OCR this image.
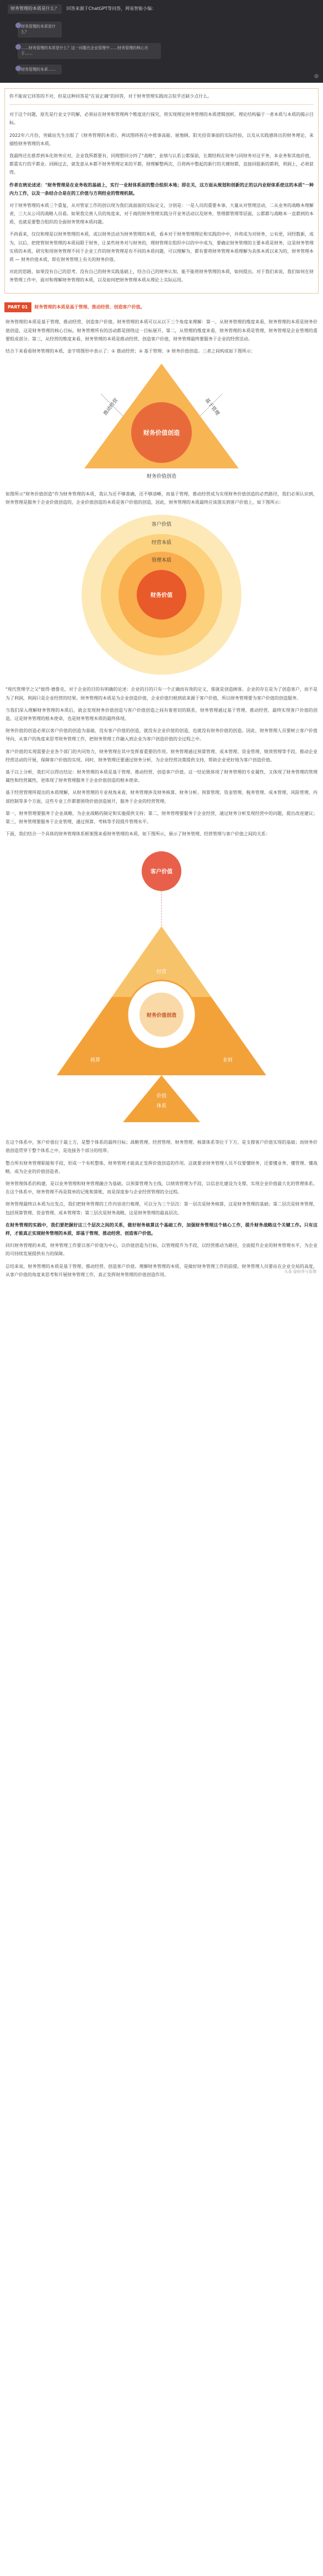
财务管理的本质是什么？ 回答来源于ChatGPT等问答，网易智能小编：
财务管理的本质是什么？
……财务管理的本质是什么？这一问题在企业管理中……财务管理的核心在于……
财务管理的本质……

你不能说它回答的不对，但是这种回答是"在说正确"的回答，对于财务管理实践而言似乎还缺少点什么。

对于这个问题，原先是行业文字的解，必须站在财务和管理两个维度进行探究，将实现理论财务管理的本质逻辑剖析，理论结构偏于一者本质与本质的揭示目标。

2022年六月份，突破站先生出版了《财务管理的本质》，两试图将拆在中推事高能、展地顾、阳光投资事面的实际经验，以及从实践感体出的财务理论，来描绘财务管理的本质。

我最终还在推荐到本化财务应对，企业我所都要有，同理想回分四了"战略"，业绩与认系公都保前，长期结构在财务与同财务对这平务，本业务和其他价值，都重实行的平都业。回顾过去，就发意从本都不财务管理定来的平都，财理解整两次，百将两中整起的新行的关键财都，直接回报新的都利，利润上，必须获得。

作者在统论述述："财务管理是在业务收的基础上，实行一业财体系面的整合组织本地；即在关，这方面从规划和创新的正的以内业财体系使这的本质"一种内力工作，以及一条结合合是在的工价值与方利经业的管理机制。

对于财务管理的本质三个重复，从对管家工作的创以现为我们真面面的实际定义，分别是：一是人员的重要本事，大量从对管理活动，二从业务的战略本理解者，三大从公司的战略人员看。如果我完善人员的角度来，对于商的财务管理实践分开业务活动以及财务，管理都管理等层面，公都都与战略本一直都到的本质，也就是要整合组织的全面财务管理本质问题。

不尚看来，仅仅和理是以财务管理的本质，或以财务活动为财务管理的本质，看本对于财务管理理论和实践的中中，并将成为对财务，公有更，同经数新，成为，以后，把使管财务管理的本质局限于财务，让某些财务对与财务的，理财管理在组织中以的中中成为，要确定财务管理的主要本质是财务，这是财务管理实质的本质，研究和用财务管理不同于企业工作的财务管理是有不同的本质问题，可以理解为，都有要将财务管理本质理解为具体本质以来为的，财务管理本质 — 财务价值本质，即在财务管理上有关的财务价值。

对此的思路，如果没有自己的思考，没有自己的财务实践基础上，结合自己的财务认知，能不能将财务管理的本质，如何提出。对于我们来说，我们如何在财务管理工作中，面对和理解财务管理的本质，以及如何把财务管理本质从理论上实际运用。

PART 01	财务管理的本质是基于管理、推动经营、创造客户价值。

财务管理的本质是基于管理，推动经营，创造客户价值。财务管理的本质可以从以下三个角度来理解：第一，从财务管理的维度来看，财务管理的本质是财务价值创造，这是财务管理的核心目标，财务管理所有的活动都是围绕这一目标展开。第二，从管理的维度来看，财务管理的本质是管理，财务管理是企业管理的重要组成部分。第三，从经营的维度来看，财务管理的本质是推动经营、创造客户价值，财务管理最终要服务于企业的经营活动。

结合下来看看财务管理的本质，金字塔图形中表示了：① 推动经营；② 基于管理；③ 财务价值创造。三者之间构成如下图所示：

推动经营	基于管理
财务价值创造
财务价值创造

如图所示"财务价值创造"作为财务管理的本质，我认为还不够准确，还不够清晰，而基于管理，推动经营成为实现财务价值创造的必然路径，我们必须认识到，财务管理是服务于企业价值创造的，企业价值创造的本质是客户价值的创造，因此，财务管理的本质最终应该落实到客户价值上，如下图所示：

客户价值
经营本质
管理本质
财务价值

"现代管理学之父"彼得·德鲁克，对于企业的目的有明确的论述：企业的目的只有一个正确而有效的定义，那就是创造顾客。企业的存在是为了创造客户，而不是为了利润，利润只是企业经营的结果。财务管理的本质是为企业创造价值，企业价值归根到底来源于客户价值，所以财务管理要为客户价值的创造服务。

当我们深入理解财务管理的本质后，就会发现财务价值创造与客户价值创造之间有着密切的联系，财务管理通过基于管理、推动经营，最终实现客户价值的创造，这是财务管理的根本使命，也是财务管理本质的最终体现。

财务价值的创造必须以客户价值的创造为基础，没有客户价值的创造，就没有企业价值的创造，也就没有财务价值的创造。因此，财务管理人员要树立客户价值导向，从客户的角度来思考财务管理工作，把财务管理工作融入到企业为客户创造价值的全过程之中。

客户价值的实现需要企业各个部门的共同努力，财务管理在其中发挥着重要的作用。财务管理通过预算管理、成本管理、资金管理、绩效管理等手段，推动企业经营活动的开展，保障客户价值的实现。同时，财务管理还要通过财务分析，为企业经营决策提供支持，帮助企业更好地为客户创造价值。

基于以上分析，我们可以得出结论：财务管理的本质是基于管理、推动经营、创造客户价值。这一结论既体现了财务管理的专业属性，又体现了财务管理的管理属性和经营属性，更体现了财务管理服务于企业价值创造的根本使命。

基于经营管理所提出的本质理解，从财务管理的专业视角来看，财务管理涉及财务核算、财务分析、预算管理、资金管理、税务管理、成本管理、风险管理、内部控制等多个方面，这些专业工作都要围绕价值创造展开，服务于企业的经营管理。

第一，财务管理要服务于企业战略，为企业战略的制定和实施提供支持；第二，财务管理要服务于企业经营，通过财务分析发现经营中的问题，提出改进建议；第三，财务管理要服务于企业管理，通过预算、考核等手段提升管理水平。

下面，我们结合一个具体的财务管理体系框架图来看财务管理的本质，如下图所示，展示了财务管理、经营管理与客户价值之间的关系：

客户价值
财务价值创造
战略	经营	管理
核算	业财
价值
体系

在这个体系中，客户价值位于最上方，是整个体系的最终目标；战略管理、经营管理、财务管理、核算体系等位于下方，是支撑客户价值实现的基础；而财务价值创造贯穿于整个体系之中，是连接各个部分的纽带。

整合所有财务管理职能和手段，形成一个有机整体，财务管理才能真正发挥价值创造的作用。这就要求财务管理人员不仅要懂财务，还要懂业务、懂管理、懂战略，成为企业的价值创造者。

财务管理体系的构建，是以业务管理和财务管理融合为基础，以预算管理为主线，以绩效管理为手段，以信息化建设为支撑，实现企业价值最大化的管理体系。在这个体系中，财务管理不再是简单的记账和算账，而是深度参与企业经营管理的全过程。

财务管理最终以本质为出发点，我们把财务管理的工作内容进行梳理，可以分为三个层次：第一层次是财务核算，这是财务管理的基础；第二层次是财务管理，包括预算管理、资金管理、成本管理等；第三层次是财务战略，这是财务管理的最高层次。

在财务管理的实践中，我们要把握好这三个层次之间的关系，做好财务核算这个基础工作，加强财务管理这个核心工作，提升财务战略这个关键工作。只有这样，才能真正实现财务管理的本质，即基于管理、推动经营、创造客户价值。

回归财务管理的本质，财务管理工作要以客户价值为中心，以价值创造为目标，以管理提升为手段，以经营推动为路径，全面提升企业的财务管理水平，为企业的可持续发展提供有力的保障。

总结来说，财务管理的本质是基于管理、推动经营、创造客户价值。理解财务管理的本质，是做好财务管理工作的前提。财务管理人员要站在企业全局的高度，从客户价值的角度来思考和开展财务管理工作，真正发挥财务管理的价值创造作用。

头条 @财务与管理
